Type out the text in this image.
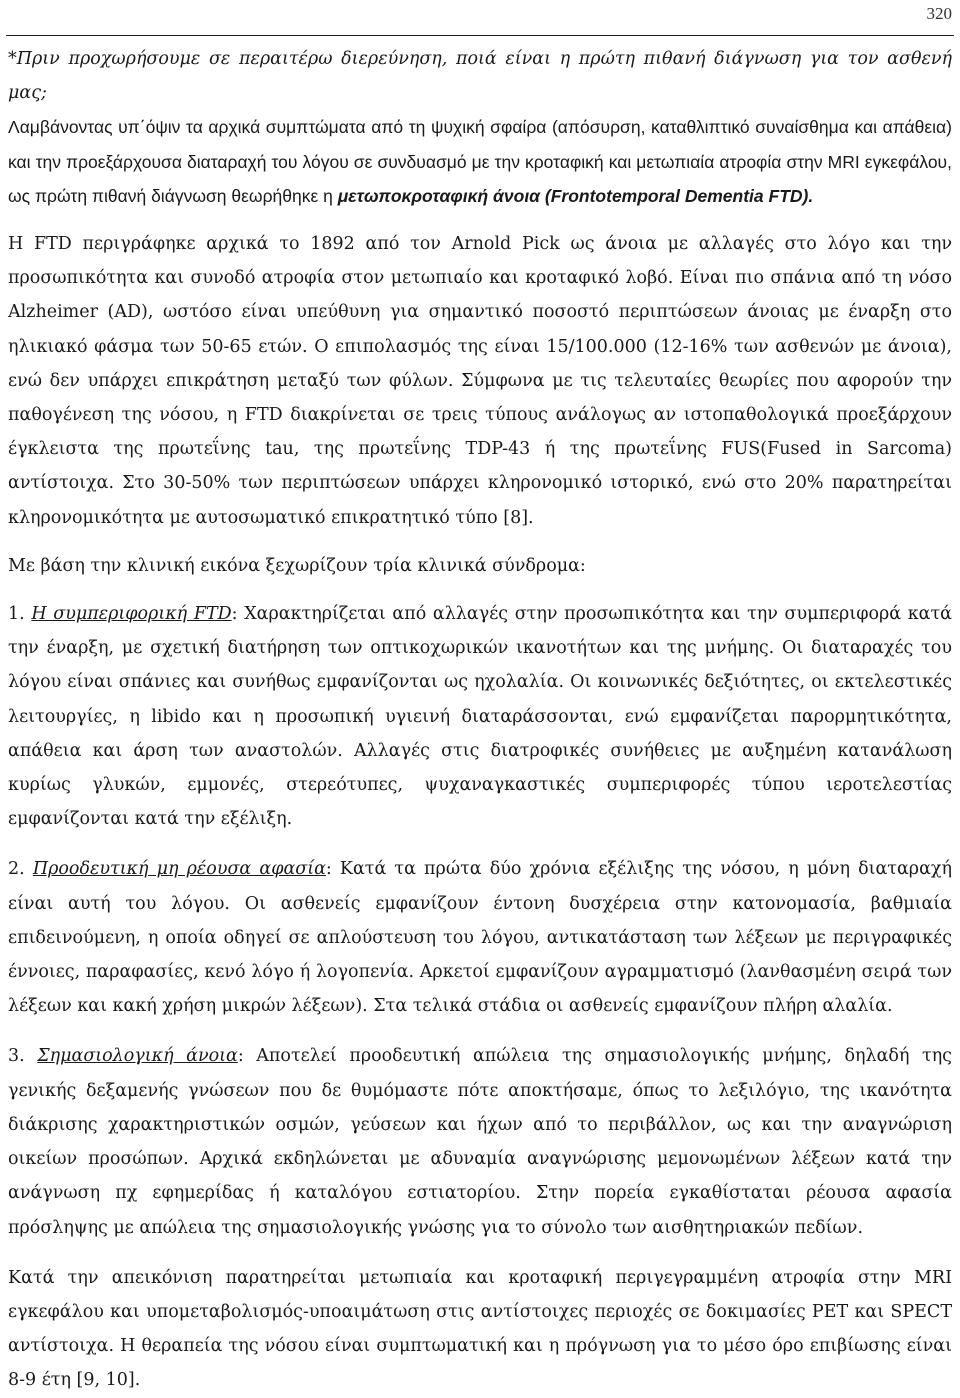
320

*Πριν προχωρήσουμε σε περαιτέρω διερεύνηση, ποιά είναι η πρώτη πιθανή διάγνωση για τον ασθενή μας;

Λαμβάνοντας υπ΄όψιν τα αρχικά συμπτώματα από τη ψυχική σφαίρα (απόσυρση, καταθλιπτικό συναίσθημα και απάθεια) και την προεξάρχουσα διαταραχή του λόγου σε συνδυασμό με την κροταφική και μετωπιαία ατροφία στην MRI εγκεφάλου, ως πρώτη πιθανή διάγνωση θεωρήθηκε η μετωποκροταφική άνοια (Frontotemporal Dementia FTD).

Η FTD περιγράφηκε αρχικά το 1892 από τον Arnold Pick ως άνοια με αλλαγές στο λόγο και την προσωπικότητα και συνοδό ατροφία στον μετωπιαίο και κροταφικό λοβό. Είναι πιο σπάνια από τη νόσο Alzheimer (AD), ωστόσο είναι υπεύθυνη για σημαντικό ποσοστό περιπτώσεων άνοιας με έναρξη στο ηλικιακό φάσμα των 50-65 ετών. Ο επιπολασμός της είναι 15/100.000 (12-16% των ασθενών με άνοια), ενώ δεν υπάρχει επικράτηση μεταξύ των φύλων. Σύμφωνα με τις τελευταίες θεωρίες που αφορούν την παθογένεση της νόσου, η FTD διακρίνεται σε τρεις τύπους ανάλογως αν ιστοπαθολογικά προεξάρχουν έγκλειστα της πρωτεΐνης tau, της πρωτεΐνης TDP-43 ή της πρωτεΐνης FUS(Fused in Sarcoma) αντίστοιχα. Στο 30-50% των περιπτώσεων υπάρχει κληρονομικό ιστορικό, ενώ στο 20% παρατηρείται κληρονομικότητα με αυτοσωματικό επικρατητικό τύπο [8].

Με βάση την κλινική εικόνα ξεχωρίζουν τρία κλινικά σύνδρομα:

1. Η συμπεριφορική FTD: Χαρακτηρίζεται από αλλαγές στην προσωπικότητα και την συμπεριφορά κατά την έναρξη, με σχετική διατήρηση των οπτικοχωρικών ικανοτήτων και της μνήμης. Οι διαταραχές του λόγου είναι σπάνιες και συνήθως εμφανίζονται ως ηχολαλία. Οι κοινωνικές δεξιότητες, οι εκτελεστικές λειτουργίες, η libido και η προσωπική υγιεινή διαταράσσονται, ενώ εμφανίζεται παρορμητικότητα, απάθεια και άρση των αναστολών. Αλλαγές στις διατροφικές συνήθειες με αυξημένη κατανάλωση κυρίως γλυκών, εμμονές, στερεότυπες, ψυχαναγκαστικές συμπεριφορές τύπου ιεροτελεστίας εμφανίζονται κατά την εξέλιξη.

2. Προοδευτική μη ρέουσα αφασία: Κατά τα πρώτα δύο χρόνια εξέλιξης της νόσου, η μόνη διαταραχή είναι αυτή του λόγου. Οι ασθενείς εμφανίζουν έντονη δυσχέρεια στην κατονομασία, βαθμιαία επιδεινούμενη, η οποία οδηγεί σε απλούστευση του λόγου, αντικατάσταση των λέξεων με περιγραφικές έννοιες, παραφασίες, κενό λόγο ή λογοπενία. Αρκετοί εμφανίζουν αγραμματισμό (λανθασμένη σειρά των λέξεων και κακή χρήση μικρών λέξεων). Στα τελικά στάδια οι ασθενείς εμφανίζουν πλήρη αλαλία.

3. Σημασιολογική άνοια: Αποτελεί προοδευτική απώλεια της σημασιολογικής μνήμης, δηλαδή της γενικής δεξαμενής γνώσεων που δε θυμόμαστε πότε αποκτήσαμε, όπως το λεξιλόγιο, της ικανότητα διάκρισης χαρακτηριστικών οσμών, γεύσεων και ήχων από το περιβάλλον, ως και την αναγνώριση οικείων προσώπων. Αρχικά εκδηλώνεται με αδυναμία αναγνώρισης μεμονωμένων λέξεων κατά την ανάγνωση πχ εφημερίδας ή καταλόγου εστιατορίου. Στην πορεία εγκαθίσταται ρέουσα αφασία πρόσληψης με απώλεια της σημασιολογικής γνώσης για το σύνολο των αισθητηριακών πεδίων.

Κατά την απεικόνιση παρατηρείται μετωπιαία και κροταφική περιγεγραμμένη ατροφία στην MRI εγκεφάλου και υπομεταβολισμός-υποαιμάτωση στις αντίστοιχες περιοχές σε δοκιμασίες PET και SPECT αντίστοιχα. Η θεραπεία της νόσου είναι συμπτωματική και η πρόγνωση για το μέσο όρο επιβίωσης είναι 8-9 έτη [9, 10].
